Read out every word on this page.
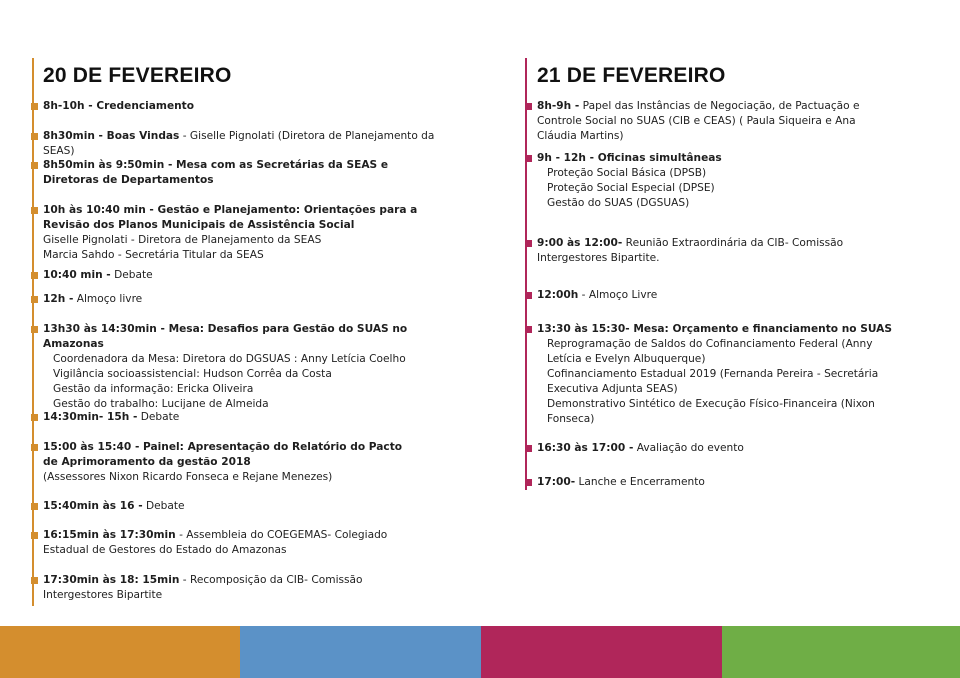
20 DE FEVEREIRO
8h-10h - Credenciamento
8h30min - Boas Vindas - Giselle Pignolati (Diretora de Planejamento da SEAS)
8h50min às 9:50min - Mesa com as Secretárias da SEAS e Diretoras de Departamentos
10h às 10:40 min - Gestão e Planejamento: Orientações para a Revisão dos Planos Municipais de Assistência Social
Giselle Pignolati - Diretora de Planejamento da SEAS
Marcia Sahdo - Secretária Titular da SEAS
10:40 min - Debate
12h - Almoço livre
13h30 às 14:30min - Mesa: Desafios para Gestão do SUAS no Amazonas
Coordenadora da Mesa: Diretora do DGSUAS : Anny Letícia Coelho
Vigilância socioassistencial: Hudson Corrêa da Costa
Gestão da informação: Ericka Oliveira
Gestão do trabalho: Lucijane de Almeida
14:30min- 15h - Debate
15:00 às 15:40 - Painel: Apresentação do Relatório do Pacto de Aprimoramento da gestão 2018
(Assessores Nixon Ricardo Fonseca e Rejane Menezes)
15:40min às 16 - Debate
16:15min às 17:30min - Assembleia do COEGEMAS- Colegiado Estadual de Gestores do Estado do Amazonas
17:30min às 18: 15min - Recomposição da CIB- Comissão Intergestores Bipartite
21 DE FEVEREIRO
8h-9h - Papel das Instâncias de Negociação, de Pactuação e Controle Social no SUAS (CIB e CEAS) ( Paula Siqueira e Ana Cláudia Martins)
9h - 12h - Oficinas simultâneas
Proteção Social Básica (DPSB)
Proteção Social Especial (DPSE)
Gestão do SUAS (DGSUAS)
9:00 às 12:00- Reunião Extraordinária da CIB- Comissão Intergestores Bipartite.
12:00h - Almoço Livre
13:30 às 15:30- Mesa: Orçamento e financiamento no SUAS
Reprogramação de Saldos do Cofinanciamento Federal (Anny Letícia e Evelyn Albuquerque)
Cofinanciamento Estadual 2019 (Fernanda Pereira - Secretária Executiva Adjunta SEAS)
Demonstrativo Sintético de Execução Físico-Financeira (Nixon Fonseca)
16:30 às 17:00 - Avaliação do evento
17:00- Lanche e Encerramento
